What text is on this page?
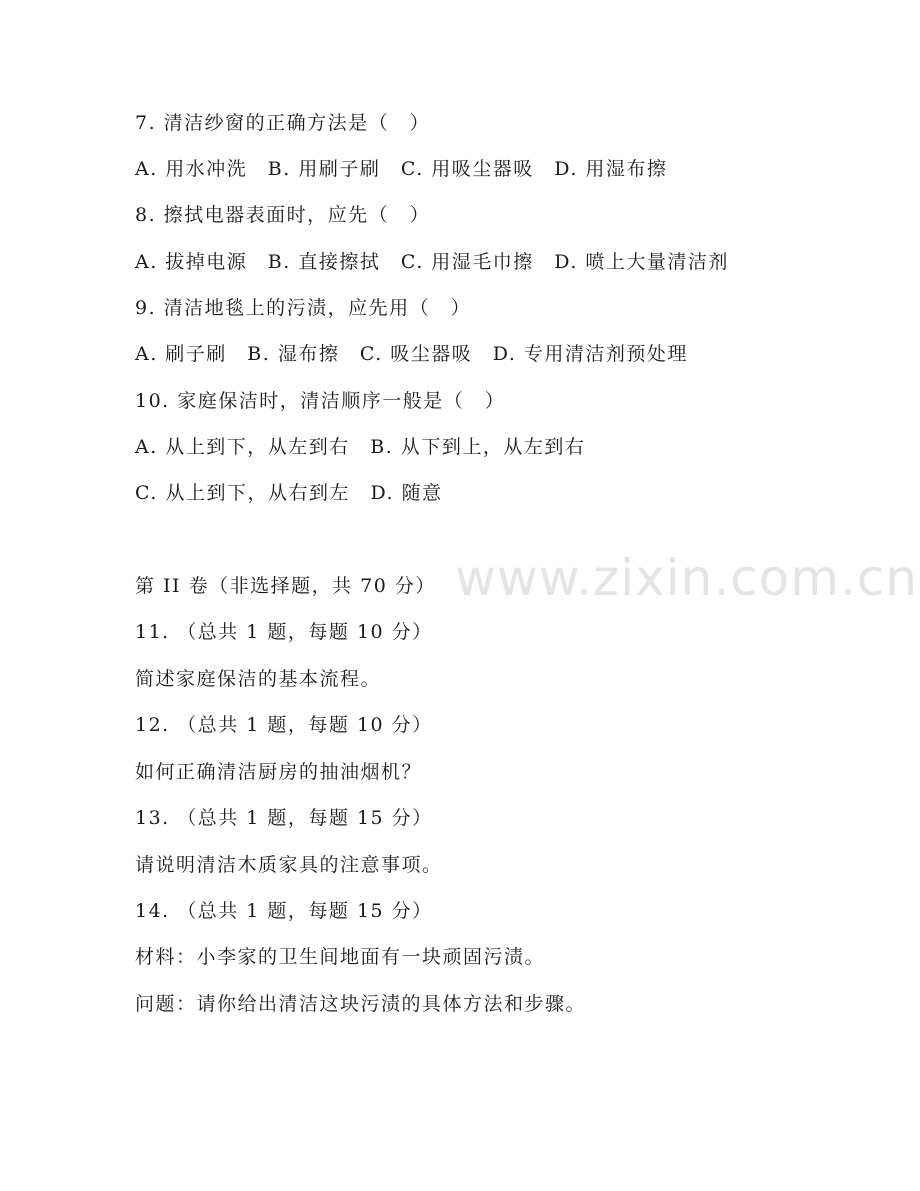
www.zixin.com.cn
7. 清洁纱窗的正确方法是（　）
A. 用水冲洗　B. 用刷子刷　C. 用吸尘器吸　D. 用湿布擦
8. 擦拭电器表面时，应先（　）
A. 拔掉电源　B. 直接擦拭　C. 用湿毛巾擦　D. 喷上大量清洁剂
9. 清洁地毯上的污渍，应先用（　）
A. 刷子刷　B. 湿布擦　C. 吸尘器吸　D. 专用清洁剂预处理
10. 家庭保洁时，清洁顺序一般是（　）
A. 从上到下，从左到右　B. 从下到上，从左到右
C. 从上到下，从右到左　D. 随意
第 II 卷（非选择题，共 70 分）
11. （总共 1 题，每题 10 分）
简述家庭保洁的基本流程。
12. （总共 1 题，每题 10 分）
如何正确清洁厨房的抽油烟机？
13. （总共 1 题，每题 15 分）
请说明清洁木质家具的注意事项。
14. （总共 1 题，每题 15 分）
材料：小李家的卫生间地面有一块顽固污渍。
问题：请你给出清洁这块污渍的具体方法和步骤。
